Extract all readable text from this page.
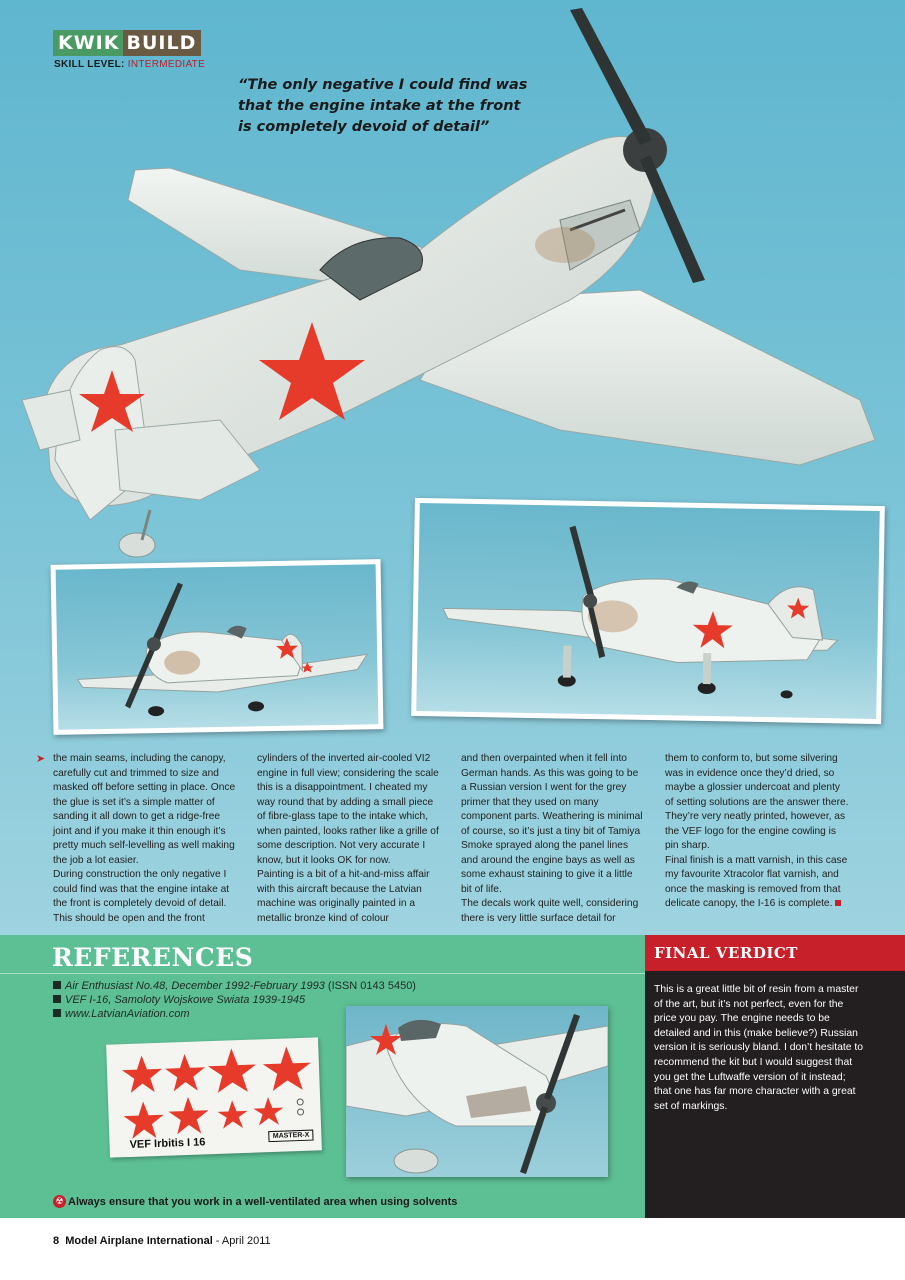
KWIK BUILD
SKILL LEVEL: INTERMEDIATE
“The only negative I could find was that the engine intake at the front is completely devoid of detail”
➤ the main seams, including the canopy, carefully cut and trimmed to size and masked off before setting in place. Once the glue is set it’s a simple matter of sanding it all down to get a ridge-free joint and if you make it thin enough it’s pretty much self-levelling as well making the job a lot easier.

During construction the only negative I could find was that the engine intake at the front is completely devoid of detail. This should be open and the front

cylinders of the inverted air-cooled VI2 engine in full view; considering the scale this is a disappointment. I cheated my way round that by adding a small piece of fibre-glass tape to the intake which, when painted, looks rather like a grille of some description. Not very accurate I know, but it looks OK for now.

Painting is a bit of a hit-and-miss affair with this aircraft because the Latvian machine was originally painted in a metallic bronze kind of colour

and then overpainted when it fell into German hands. As this was going to be a Russian version I went for the grey primer that they used on many component parts. Weathering is minimal of course, so it’s just a tiny bit of Tamiya Smoke sprayed along the panel lines and around the engine bays as well as some exhaust staining to give it a little bit of life.

The decals work quite well, considering there is very little surface detail for

them to conform to, but some silvering was in evidence once they’d dried, so maybe a glossier undercoat and plenty of setting solutions are the answer there. They’re very neatly printed, however, as the VEF logo for the engine cowling is pin sharp.

Final finish is a matt varnish, in this case my favourite Xtracolor flat varnish, and once the masking is removed from that delicate canopy, the I-16 is complete.

REFERENCES
Air Enthusiast No.48, December 1992-February 1993 (ISSN 0143 5450)
VEF I-16, Samoloty Wojskowe Swiata 1939-1945
www.LatvianAviation.com
VEF Irbitis I 16
MASTER-X
☢ Always ensure that you work in a well-ventilated area when using solvents
FINAL VERDICT
This is a great little bit of resin from a master of the art, but it’s not perfect, even for the price you pay. The engine needs to be detailed and in this (make believe?) Russian version it is seriously bland. I don’t hesitate to recommend the kit but I would suggest that you get the Luftwaffe version of it instead; that one has far more character with a great set of markings.
8 Model Airplane International - April 2011
